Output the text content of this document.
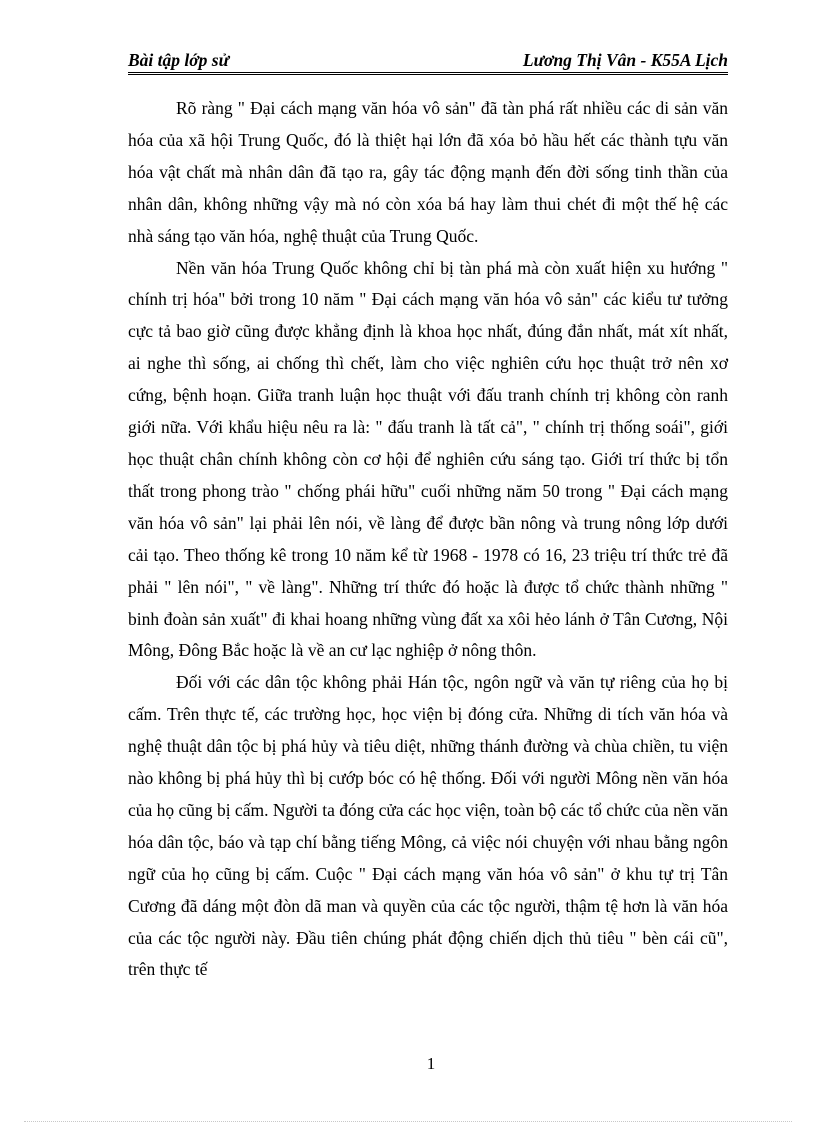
Bài tập lớp sử	Lương Thị Vân - K55A Lịch

Rõ ràng " Đại cách mạng văn hóa vô sản" đã tàn phá rất nhiều các di sản văn hóa của xã hội Trung Quốc, đó là thiệt hại lớn đã xóa bỏ hầu hết các thành tựu văn hóa vật chất mà nhân dân đã tạo ra, gây tác động mạnh đến đời sống tinh thần của nhân dân, không những vậy mà nó còn xóa bá hay làm thui chét đi một thế hệ các nhà sáng tạo văn hóa, nghệ thuật của Trung Quốc.

Nền văn hóa Trung Quốc không chỉ bị tàn phá mà còn xuất hiện xu hướng " chính trị hóa" bởi trong 10 năm " Đại cách mạng văn hóa vô sản" các kiểu tư tưởng cực tả bao giờ cũng được khẳng định là khoa học nhất, đúng đắn nhất, mát xít nhất, ai nghe thì sống, ai chống thì chết, làm cho việc nghiên cứu học thuật trở nên xơ cứng, bệnh hoạn. Giữa tranh luận học thuật với đấu tranh chính trị không còn ranh giới nữa. Với khẩu hiệu nêu ra là: " đấu tranh là tất cả", " chính trị thống soái", giới học thuật chân chính không còn cơ hội để nghiên cứu sáng tạo. Giới trí thức bị tổn thất trong phong trào " chống phái hữu" cuối những năm 50 trong " Đại cách mạng văn hóa vô sản" lại phải lên nói, về làng để được bần nông và trung nông lớp dưới cải tạo. Theo thống kê trong 10 năm kể từ 1968 - 1978 có 16, 23 triệu trí thức trẻ đã phải " lên nói", " về làng". Những trí thức đó hoặc là được tổ chức thành những " binh đoàn sản xuất" đi khai hoang những vùng đất xa xôi hẻo lánh ở Tân Cương, Nội Mông, Đông Bắc hoặc là về an cư lạc nghiệp ở nông thôn.

Đối với các dân tộc không phải Hán tộc, ngôn ngữ và văn tự riêng của họ bị cấm. Trên thực tế, các trường học, học viện bị đóng cửa. Những di tích văn hóa và nghệ thuật dân tộc bị phá hủy và tiêu diệt, những thánh đường và chùa chiền, tu viện nào không bị phá hủy thì bị cướp bóc có hệ thống. Đối với người Mông nền văn hóa của họ cũng bị cấm. Người ta đóng cửa các học viện, toàn bộ các tổ chức của nền văn hóa dân tộc, báo và tạp chí bằng tiếng Mông, cả việc nói chuyện với nhau bằng ngôn ngữ của họ cũng bị cấm. Cuộc " Đại cách mạng văn hóa vô sản" ở khu tự trị Tân Cương đã dáng một đòn dã man và quyền của các tộc người, thậm tệ hơn là văn hóa của các tộc người này. Đầu tiên chúng phát động chiến dịch thủ tiêu " bèn cái cũ", trên thực tế

1
